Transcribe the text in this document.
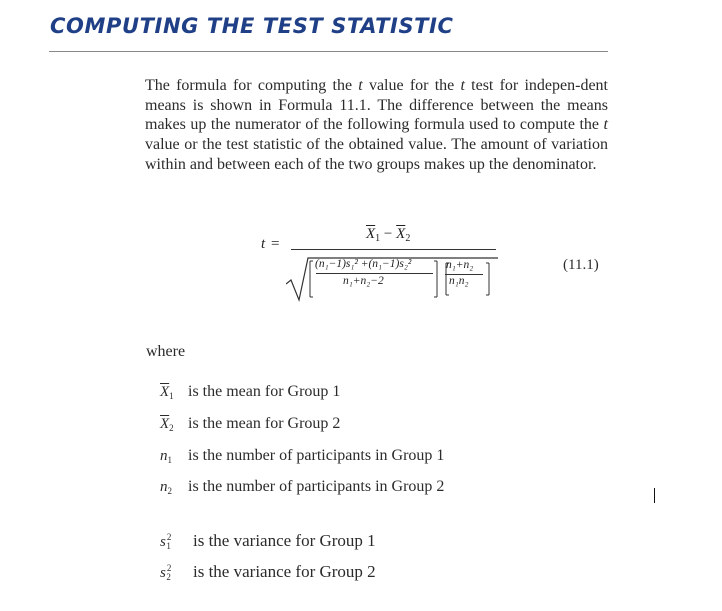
COMPUTING THE TEST STATISTIC
The formula for computing the t value for the t test for indepen-dent means is shown in Formula 11.1. The difference between the means makes up the numerator of the following formula used to compute the t value or the test statistic of the obtained value. The amount of variation within and between each of the two groups makes up the denominator.
t =
$\overline{X}_1 - \overline{X}_2$
(n₁−1)s₁² +(n₁−1)s₂²
n₁+n₂−2
n₁+n₂
n₁n₂
(11.1)
where
$\overline{X}_1$ is the mean for Group 1
$\overline{X}_2$ is the mean for Group 2
$n_1$ is the number of participants in Group 1
$n_2$ is the number of participants in Group 2
$s^2_1$ is the variance for Group 1
$s^2_2$ is the variance for Group 2
